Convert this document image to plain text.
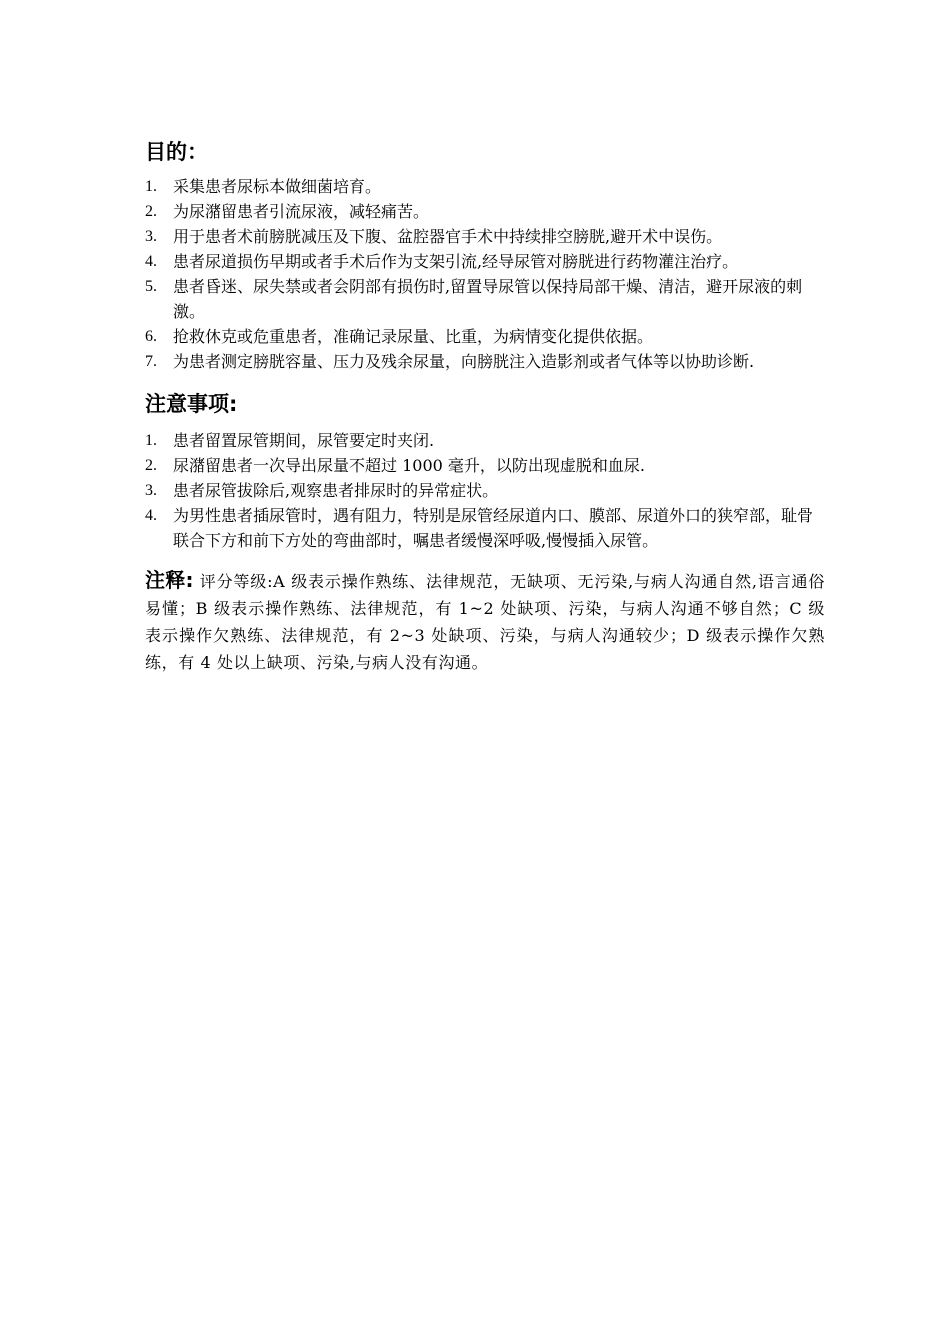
目的：
1.	采集患者尿标本做细菌培育。
2.	为尿潴留患者引流尿液，减轻痛苦。
3.	用于患者术前膀胱减压及下腹、盆腔器官手术中持续排空膀胱,避开术中误伤。
4.	患者尿道损伤早期或者手术后作为支架引流,经导尿管对膀胱进行药物灌注治疗。
5.	患者昏迷、尿失禁或者会阴部有损伤时,留置导尿管以保持局部干燥、清洁，避开尿液的刺激。
6.	抢救休克或危重患者，准确记录尿量、比重，为病情变化提供依据。
7.	为患者测定膀胱容量、压力及残余尿量，向膀胱注入造影剂或者气体等以协助诊断.
注意事项:
1.	患者留置尿管期间，尿管要定时夹闭.
2.	尿潴留患者一次导出尿量不超过 1000 毫升，以防出现虚脱和血尿.
3.	患者尿管拔除后,观察患者排尿时的异常症状。
4.	为男性患者插尿管时，遇有阻力，特别是尿管经尿道内口、膜部、尿道外口的狭窄部，耻骨联合下方和前下方处的弯曲部时，嘱患者缓慢深呼吸,慢慢插入尿管。

注释: 评分等级:A 级表示操作熟练、法律规范，无缺项、无污染,与病人沟通自然,语言通俗易懂；B 级表示操作熟练、法律规范，有 1~2 处缺项、污染，与病人沟通不够自然；C 级表示操作欠熟练、法律规范，有 2~3 处缺项、污染，与病人沟通较少；D 级表示操作欠熟练，有 4 处以上缺项、污染,与病人没有沟通。
